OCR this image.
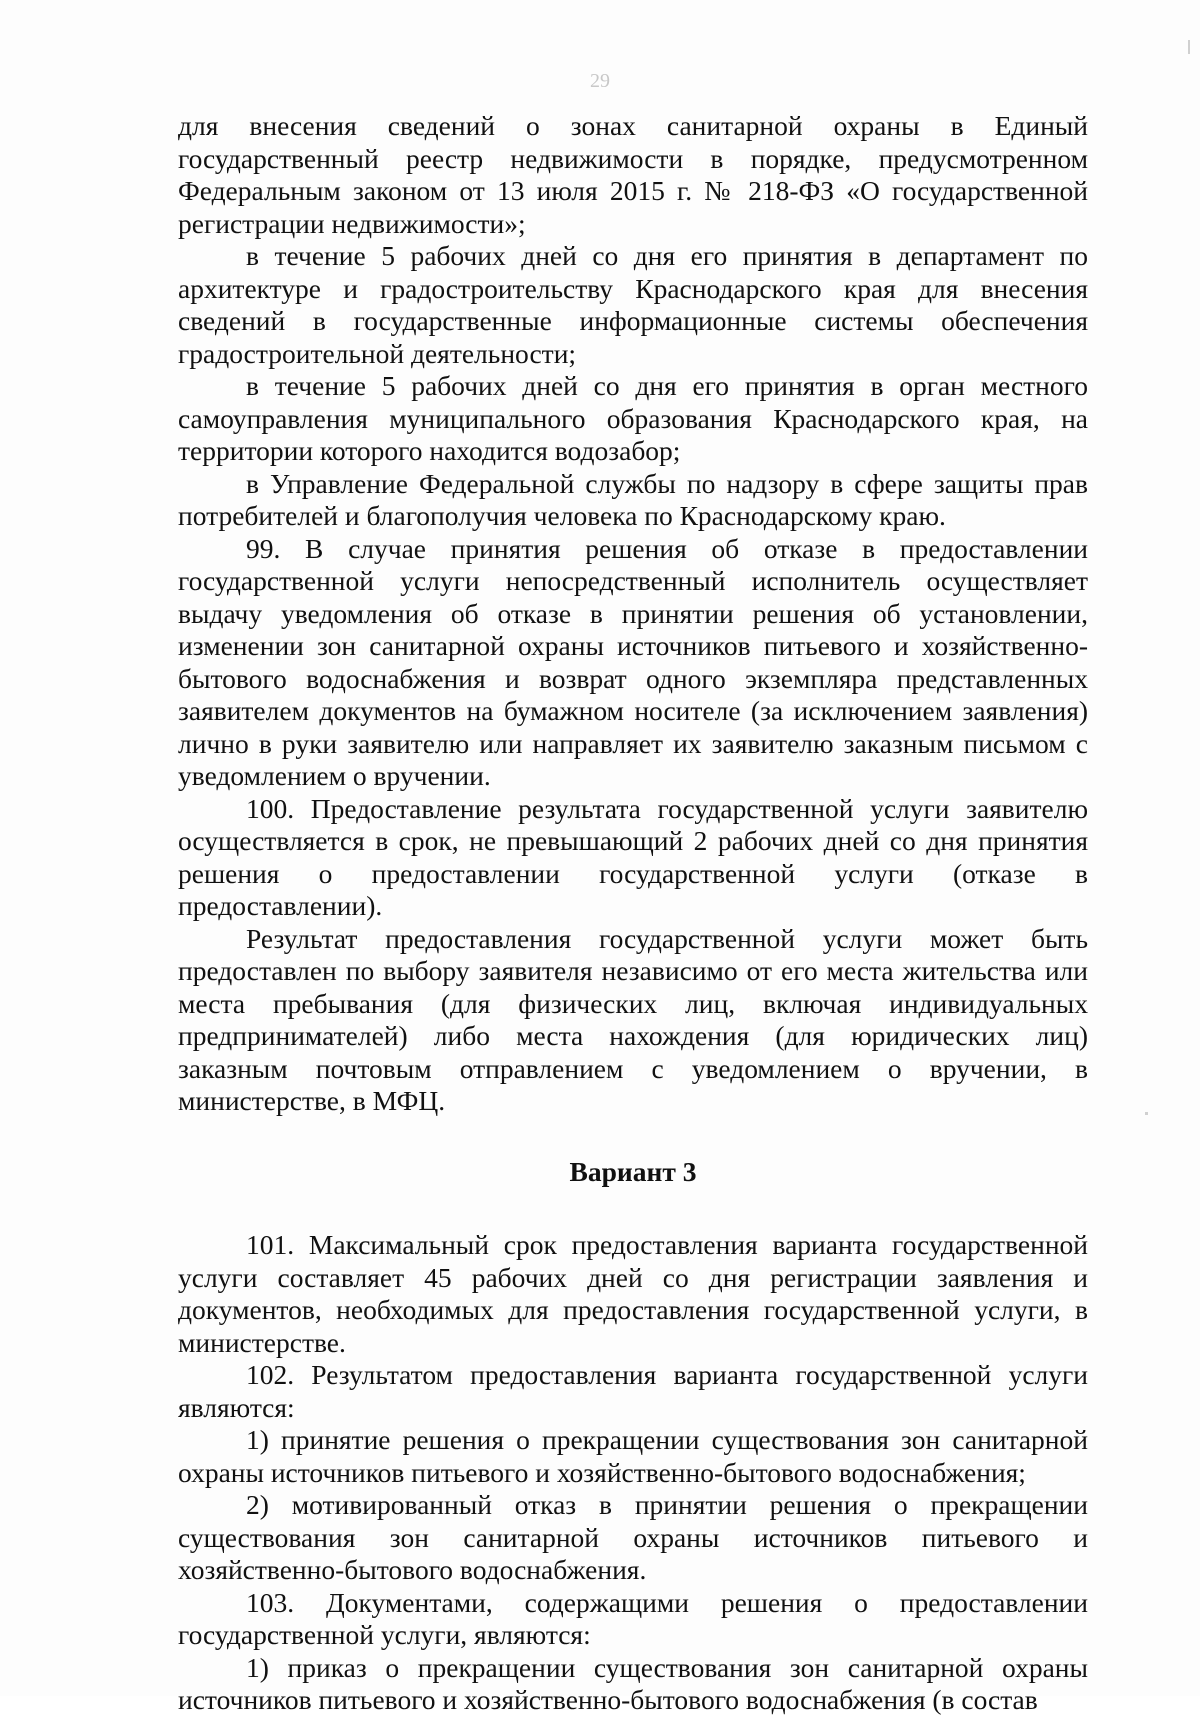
29

для внесения сведений о зонах санитарной охраны в Единый государственный реестр недвижимости в порядке, предусмотренном Федеральным законом от 13 июля 2015 г. № 218-ФЗ «О государственной регистрации недвижимости»;

в течение 5 рабочих дней со дня его принятия в департамент по архитектуре и градостроительству Краснодарского края для внесения сведений в государственные информационные системы обеспечения градостроительной деятельности;

в течение 5 рабочих дней со дня его принятия в орган местного самоуправления муниципального образования Краснодарского края, на территории которого находится водозабор;

в Управление Федеральной службы по надзору в сфере защиты прав потребителей и благополучия человека по Краснодарскому краю.

99. В случае принятия решения об отказе в предоставлении государственной услуги непосредственный исполнитель осуществляет выдачу уведомления об отказе в принятии решения об установлении, изменении зон санитарной охраны источников питьевого и хозяйственно-бытового водоснабжения и возврат одного экземпляра представленных заявителем документов на бумажном носителе (за исключением заявления) лично в руки заявителю или направляет их заявителю заказным письмом с уведомлением о вручении.

100. Предоставление результата государственной услуги заявителю осуществляется в срок, не превышающий 2 рабочих дней со дня принятия решения о предоставлении государственной услуги (отказе в предоставлении).

Результат предоставления государственной услуги может быть предоставлен по выбору заявителя независимо от его места жительства или места пребывания (для физических лиц, включая индивидуальных предпринимателей) либо места нахождения (для юридических лиц) заказным почтовым отправлением с уведомлением о вручении, в министерстве, в МФЦ.

Вариант 3

101. Максимальный срок предоставления варианта государственной услуги составляет 45 рабочих дней со дня регистрации заявления и документов, необходимых для предоставления государственной услуги, в министерстве.

102. Результатом предоставления варианта государственной услуги являются:

1) принятие решения о прекращении существования зон санитарной охраны источников питьевого и хозяйственно-бытового водоснабжения;

2) мотивированный отказ в принятии решения о прекращении существования зон санитарной охраны источников питьевого и хозяйственно-бытового водоснабжения.

103. Документами, содержащими решения о предоставлении государственной услуги, являются:

1) приказ о прекращении существования зон санитарной охраны источников питьевого и хозяйственно-бытового водоснабжения (в состав
